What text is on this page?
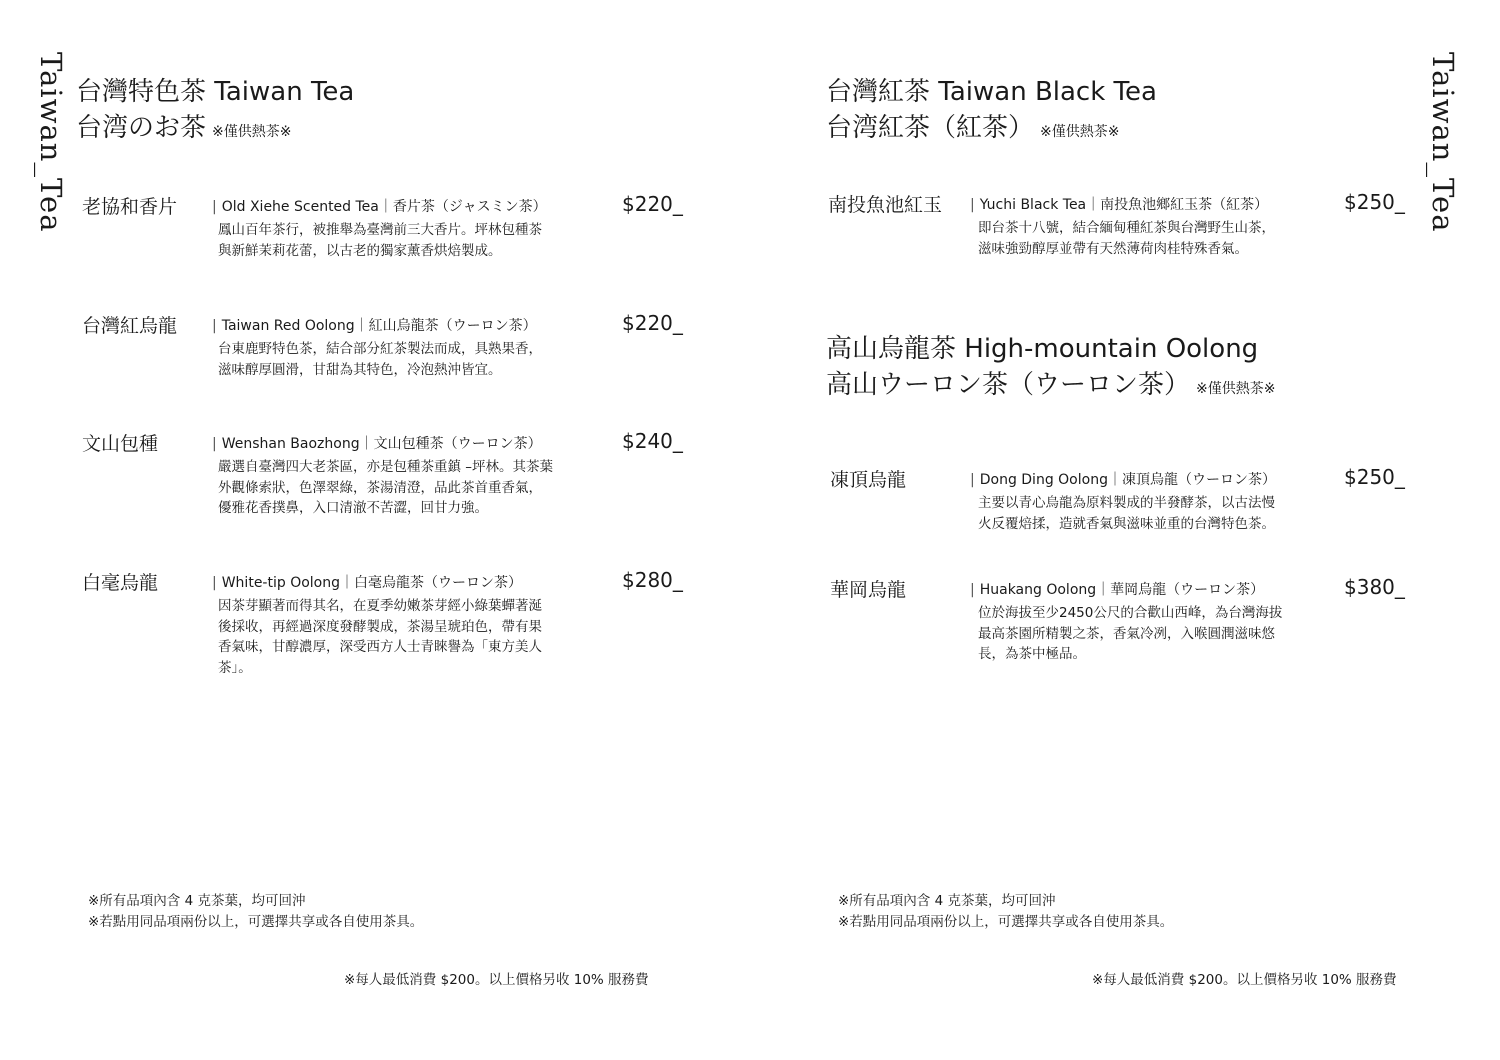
Taiwan_Tea	Taiwan_Tea
台灣特色茶 Taiwan Tea
台湾のお茶 ※僅供熱茶※
老協和香片 | Old Xiehe Scented Tea｜香片茶（ジャスミン茶）
鳳山百年茶行，被推舉為臺灣前三大香片。坪林包種茶
與新鮮茉莉花蕾，以古老的獨家薰香烘焙製成。
$220_
台灣紅烏龍 | Taiwan Red Oolong｜紅山烏龍茶（ウーロン茶）
台東鹿野特色茶，結合部分紅茶製法而成，具熟果香，
滋味醇厚圓滑，甘甜為其特色，冷泡熱沖皆宜。
$220_
文山包種	| Wenshan Baozhong｜文山包種茶（ウーロン茶）
嚴選自臺灣四大老茶區，亦是包種茶重鎮 –坪林。其茶葉
外觀條索狀，色澤翠綠，茶湯清澄，品此茶首重香氣，
優雅花香撲鼻，入口清澈不苦澀，回甘力強。
$240_
白毫烏龍	| White-tip Oolong｜白毫烏龍茶（ウーロン茶）
因茶芽顯著而得其名，在夏季幼嫩茶芽經小綠葉蟬著涎
後採收，再經過深度發酵製成，茶湯呈琥珀色，帶有果
香氣味，甘醇濃厚，深受西方人士青睞譽為「東方美人
茶」。
$280_
※所有品項內含 4 克茶葉，均可回沖
※若點用同品項兩份以上，可選擇共享或各自使用茶具。
※每人最低消費 $200。以上價格另收 10% 服務費
台灣紅茶 Taiwan Black Tea
台湾紅茶（紅茶） ※僅供熱茶※
南投魚池紅玉 | Yuchi Black Tea｜南投魚池鄉紅玉茶（紅茶）
即台茶十八號，結合緬甸種紅茶與台灣野生山茶，
滋味強勁醇厚並帶有天然薄荷肉桂特殊香氣。
$250_
高山烏龍茶 High-mountain Oolong
高山ウーロン茶（ウーロン茶） ※僅供熱茶※
凍頂烏龍	| Dong Ding Oolong｜凍頂烏龍（ウーロン茶）
主要以青心烏龍為原料製成的半發酵茶，以古法慢
火反覆焙揉，造就香氣與滋味並重的台灣特色茶。
$250_
華岡烏龍	| Huakang Oolong｜華岡烏龍（ウーロン茶）
位於海拔至少2450公尺的合歡山西峰，為台灣海拔
最高茶園所精製之茶，香氣冷冽，入喉圓潤滋味悠
長，為茶中極品。
$380_
※所有品項內含 4 克茶葉，均可回沖
※若點用同品項兩份以上，可選擇共享或各自使用茶具。
※每人最低消費 $200。以上價格另收 10% 服務費
